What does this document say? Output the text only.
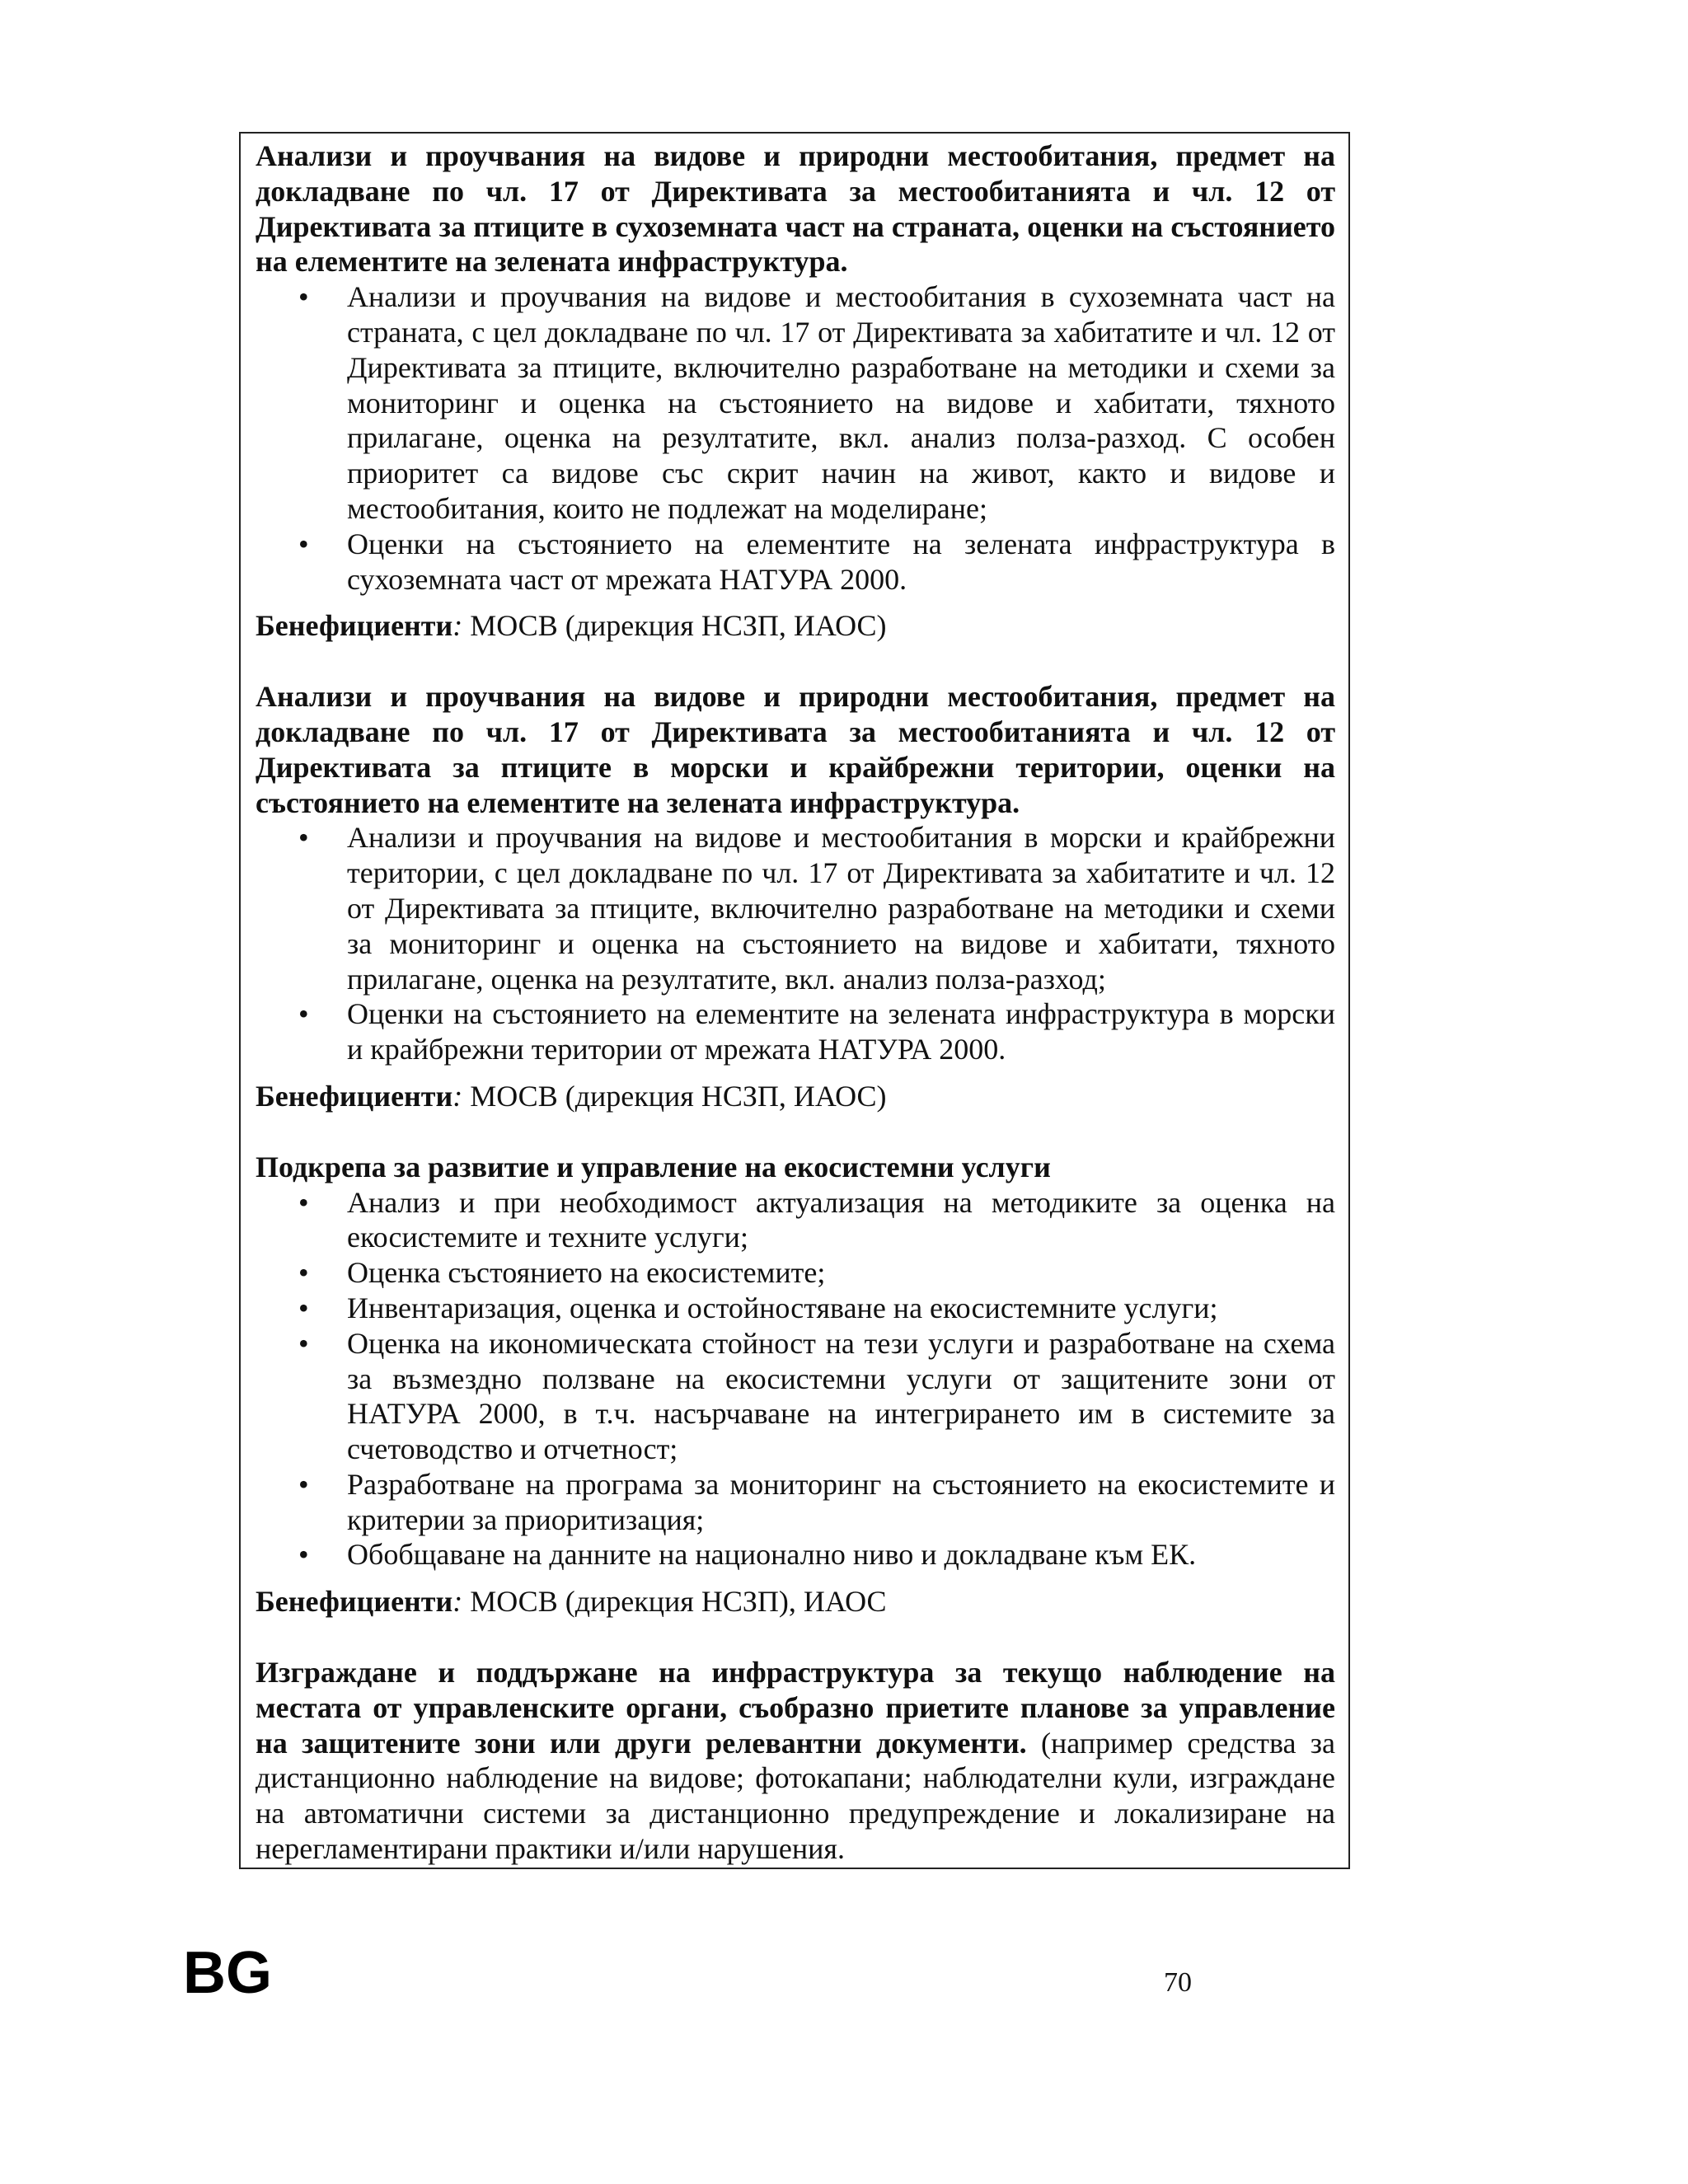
Анализи и проучвания на видове и природни местообитания, предмет на докладване по чл. 17 от Директивата за местообитанията и чл. 12 от Директивата за птиците в сухоземната част на страната, оценки на състоянието на елементите на зелената инфраструктура.

• Анализи и проучвания на видове и местообитания в сухоземната част на страната, с цел докладване по чл. 17 от Директивата за хабитатите и чл. 12 от Директивата за птиците, включително разработване на методики и схеми за мониторинг и оценка на състоянието на видове и хабитати, тяхното прилагане, оценка на резултатите, вкл. анализ полза-разход. С особен приоритет са видове със скрит начин на живот, както и видове и местообитания, които не подлежат на моделиране;
• Оценки на състоянието на елементите на зелената инфраструктура в сухоземната част от мрежата НАТУРА 2000.

Бенефициенти: МОСВ (дирекция НСЗП, ИАОС)

Анализи и проучвания на видове и природни местообитания, предмет на докладване по чл. 17 от Директивата за местообитанията и чл. 12 от Директивата за птиците в морски и крайбрежни територии, оценки на състоянието на елементите на зелената инфраструктура.

• Анализи и проучвания на видове и местообитания в морски и крайбрежни територии, с цел докладване по чл. 17 от Директивата за хабитатите и чл. 12 от Директивата за птиците, включително разработване на методики и схеми за мониторинг и оценка на състоянието на видове и хабитати, тяхното прилагане, оценка на резултатите, вкл. анализ полза-разход;
• Оценки на състоянието на елементите на зелената инфраструктура в морски и крайбрежни територии от мрежата НАТУРА 2000.

Бенефициенти: МОСВ (дирекция НСЗП, ИАОС)

Подкрепа за развитие и управление на екосистемни услуги

• Анализ и при необходимост актуализация на методиките за оценка на екосистемите и техните услуги;
• Оценка състоянието на екосистемите;
• Инвентаризация, оценка и остойностяване на екосистемните услуги;
• Оценка на икономическата стойност на тези услуги и разработване на схема за възмездно ползване на екосистемни услуги от защитените зони от НАТУРА 2000, в т.ч. насърчаване на интегрирането им в системите за счетоводство и отчетност;
• Разработване на програма за мониторинг на състоянието на екосистемите и критерии за приоритизация;
• Обобщаване на данните на национално ниво и докладване към ЕК.

Бенефициенти: МОСВ (дирекция НСЗП), ИАОС

Изграждане и поддържане на инфраструктура за текущо наблюдение на местата от управленските органи, съобразно приетите планове за управление на защитените зони или други релевантни документи. (например средства за дистанционно наблюдение на видове; фотокапани; наблюдателни кули, изграждане на автоматични системи за дистанционно предупреждение и локализиране на нерегламентирани практики и/или нарушения.

BG	70
